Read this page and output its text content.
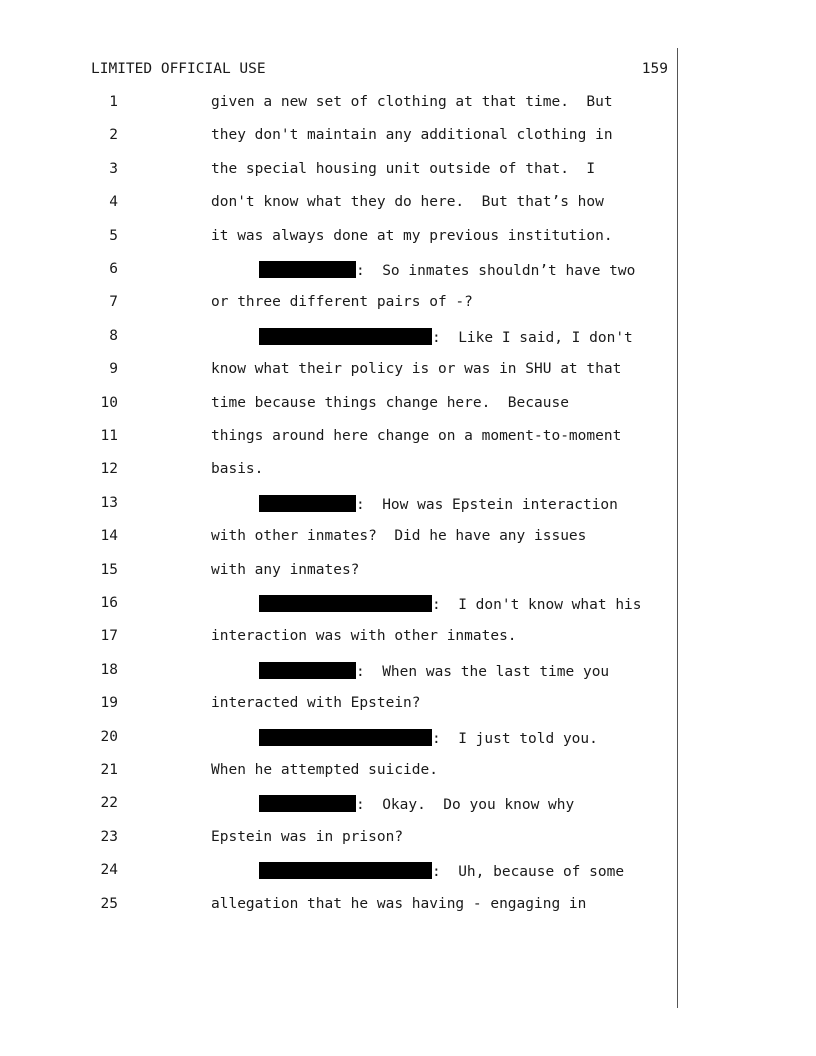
LIMITED OFFICIAL USE	159
1	given a new set of clothing at that time.  But
2	they don't maintain any additional clothing in
3	the special housing unit outside of that.  I
4	don't know what they do here.  But that’s how
5	it was always done at my previous institution.
6	:  So inmates shouldn’t have two
7	or three different pairs of -?
8	:  Like I said, I don't
9	know what their policy is or was in SHU at that
10	time because things change here.  Because
11	things around here change on a moment-to-moment
12	basis.
13	:  How was Epstein interaction
14	with other inmates?  Did he have any issues
15	with any inmates?
16	:  I don't know what his
17	interaction was with other inmates.
18	:  When was the last time you
19	interacted with Epstein?
20	:  I just told you.
21	When he attempted suicide.
22	:  Okay.  Do you know why
23	Epstein was in prison?
24	:  Uh, because of some
25	allegation that he was having - engaging in
